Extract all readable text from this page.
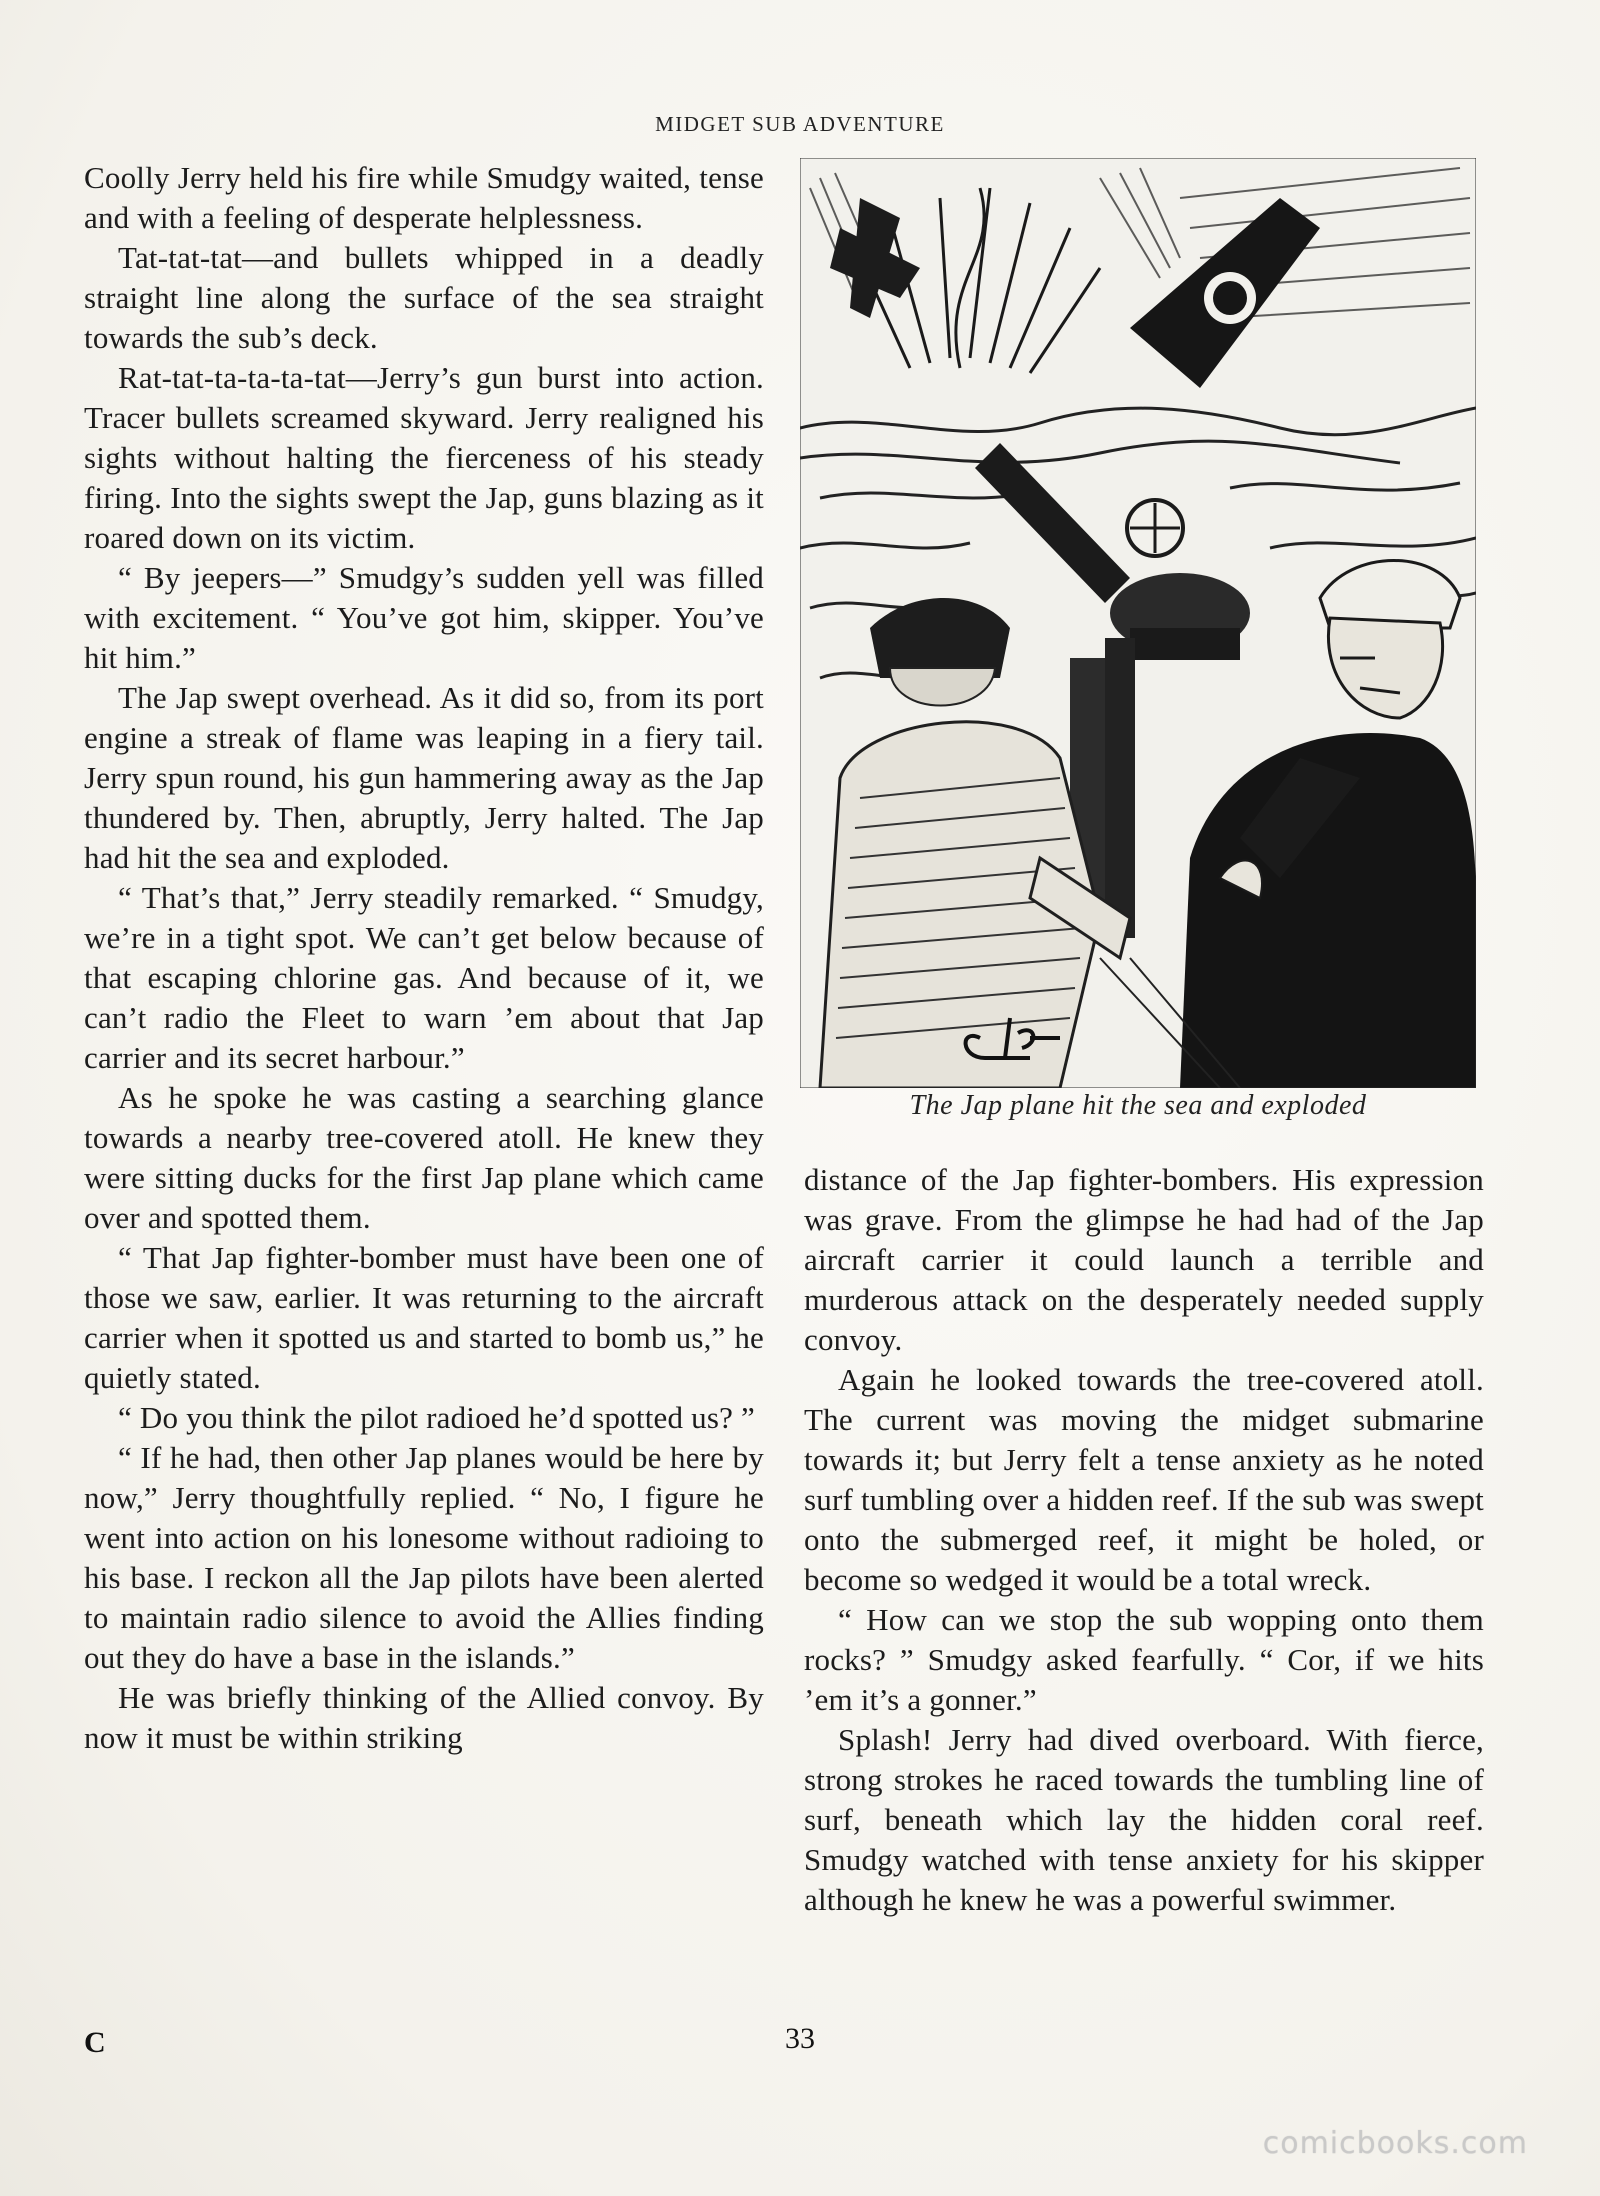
MIDGET SUB ADVENTURE

Coolly Jerry held his fire while Smudgy waited, tense and with a feeling of desperate helplessness.

Tat-tat-tat—and bullets whipped in a deadly straight line along the surface of the sea straight towards the sub’s deck.

Rat-tat-ta-ta-ta-tat—Jerry’s gun burst into action. Tracer bullets screamed skyward. Jerry realigned his sights without halting the fierceness of his steady firing. Into the sights swept the Jap, guns blazing as it roared down on its victim.

“ By jeepers—” Smudgy’s sudden yell was filled with excitement. “ You’ve got him, skipper. You’ve hit him.”

The Jap swept overhead. As it did so, from its port engine a streak of flame was leaping in a fiery tail. Jerry spun round, his gun hammering away as the Jap thundered by. Then, abruptly, Jerry halted. The Jap had hit the sea and exploded.

“ That’s that,” Jerry steadily remarked. “ Smudgy, we’re in a tight spot. We can’t get below because of that escaping chlorine gas. And because of it, we can’t radio the Fleet to warn ’em about that Jap carrier and its secret harbour.”

As he spoke he was casting a searching glance towards a nearby tree-covered atoll. He knew they were sitting ducks for the first Jap plane which came over and spotted them.

“ That Jap fighter-bomber must have been one of those we saw, earlier. It was returning to the aircraft carrier when it spotted us and started to bomb us,” he quietly stated.

“ Do you think the pilot radioed he’d spotted us? ”

“ If he had, then other Jap planes would be here by now,” Jerry thoughtfully replied. “ No, I figure he went into action on his lonesome without radioing to his base. I reckon all the Jap pilots have been alerted to maintain radio silence to avoid the Allies finding out they do have a base in the islands.”

He was briefly thinking of the Allied convoy. By now it must be within striking

The Jap plane hit the sea and exploded

distance of the Jap fighter-bombers. His expression was grave. From the glimpse he had had of the Jap aircraft carrier it could launch a terrible and murderous attack on the desperately needed supply convoy.

Again he looked towards the tree-covered atoll. The current was moving the midget submarine towards it; but Jerry felt a tense anxiety as he noted surf tumbling over a hidden reef. If the sub was swept onto the submerged reef, it might be holed, or become so wedged it would be a total wreck.

“ How can we stop the sub wopping onto them rocks? ” Smudgy asked fearfully. “ Cor, if we hits ’em it’s a gonner.”

Splash! Jerry had dived overboard. With fierce, strong strokes he raced towards the tumbling line of surf, beneath which lay the hidden coral reef. Smudgy watched with tense anxiety for his skipper although he knew he was a powerful swimmer.

C	33
comicbooks.com
